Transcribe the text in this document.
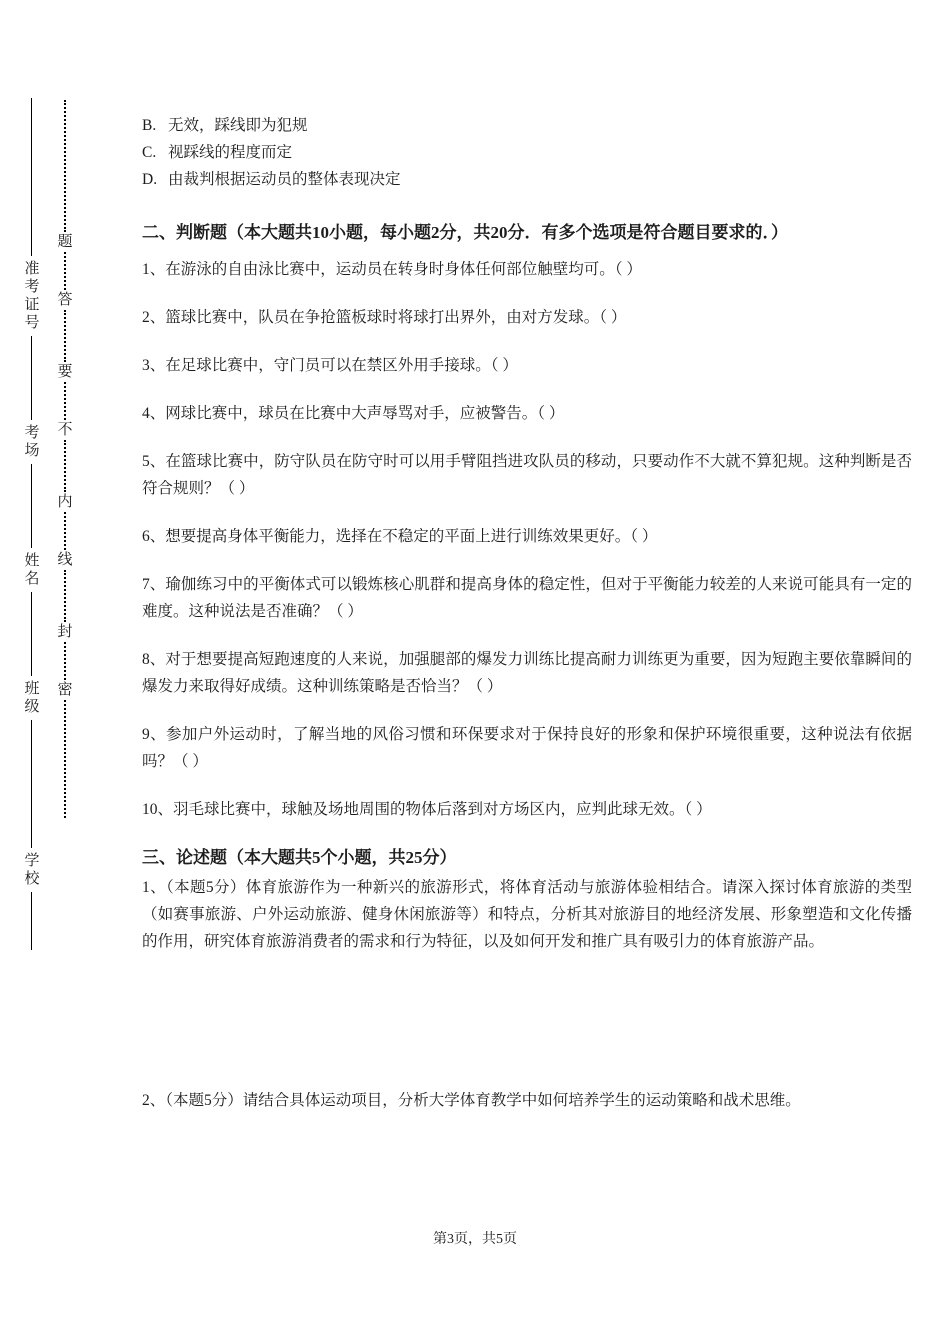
准考证号
考场
姓名
班级
学校
题
答
要
不
内
线
封
密
B. 无效，踩线即为犯规
C. 视踩线的程度而定
D. 由裁判根据运动员的整体表现决定
二、判断题（本大题共10小题，每小题2分，共20分．有多个选项是符合题目要求的．）
1、在游泳的自由泳比赛中，运动员在转身时身体任何部位触壁均可。（ ）
2、篮球比赛中，队员在争抢篮板球时将球打出界外，由对方发球。（ ）
3、在足球比赛中，守门员可以在禁区外用手接球。（ ）
4、网球比赛中，球员在比赛中大声辱骂对手，应被警告。（ ）
5、在篮球比赛中，防守队员在防守时可以用手臂阻挡进攻队员的移动，只要动作不大就不算犯规。这种判断是否符合规则？（ ）
6、想要提高身体平衡能力，选择在不稳定的平面上进行训练效果更好。（ ）
7、瑜伽练习中的平衡体式可以锻炼核心肌群和提高身体的稳定性，但对于平衡能力较差的人来说可能具有一定的难度。这种说法是否准确？（ ）
8、对于想要提高短跑速度的人来说，加强腿部的爆发力训练比提高耐力训练更为重要，因为短跑主要依靠瞬间的爆发力来取得好成绩。这种训练策略是否恰当？（ ）
9、参加户外运动时，了解当地的风俗习惯和环保要求对于保持良好的形象和保护环境很重要，这种说法有依据吗？（ ）
10、羽毛球比赛中，球触及场地周围的物体后落到对方场区内，应判此球无效。（ ）
三、论述题（本大题共5个小题，共25分）
1、（本题5分）体育旅游作为一种新兴的旅游形式，将体育活动与旅游体验相结合。请深入探讨体育旅游的类型（如赛事旅游、户外运动旅游、健身休闲旅游等）和特点，分析其对旅游目的地经济发展、形象塑造和文化传播的作用，研究体育旅游消费者的需求和行为特征，以及如何开发和推广具有吸引力的体育旅游产品。
2、（本题5分）请结合具体运动项目，分析大学体育教学中如何培养学生的运动策略和战术思维。
第3页，共5页
